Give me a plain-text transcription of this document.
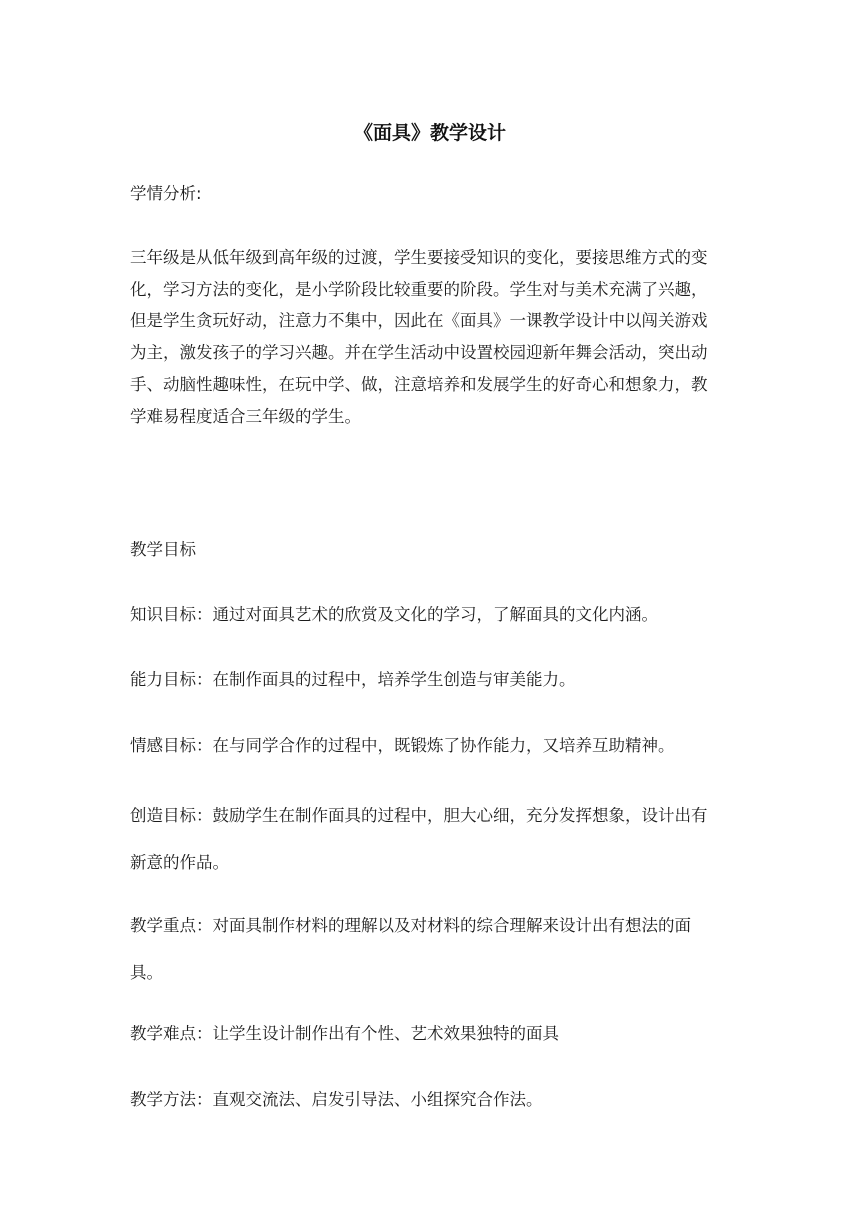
《面具》教学设计

学情分析:

三年级是从低年级到高年级的过渡，学生要接受知识的变化，要接思维方式的变
化，学习方法的变化，是小学阶段比较重要的阶段。学生对与美术充满了兴趣，
但是学生贪玩好动，注意力不集中，因此在《面具》一课教学设计中以闯关游戏
为主，激发孩子的学习兴趣。并在学生活动中设置校园迎新年舞会活动，突出动
手、动脑性趣味性，在玩中学、做，注意培养和发展学生的好奇心和想象力，教
学难易程度适合三年级的学生。

教学目标

知识目标：通过对面具艺术的欣赏及文化的学习，了解面具的文化内涵。

能力目标：在制作面具的过程中，培养学生创造与审美能力。

情感目标：在与同学合作的过程中，既锻炼了协作能力，又培养互助精神。

创造目标：鼓励学生在制作面具的过程中，胆大心细，充分发挥想象，设计出有
新意的作品。
教学重点：对面具制作材料的理解以及对材料的综合理解来设计出有想法的面
具。

教学难点：让学生设计制作出有个性、艺术效果独特的面具

教学方法：直观交流法、启发引导法、小组探究合作法。
